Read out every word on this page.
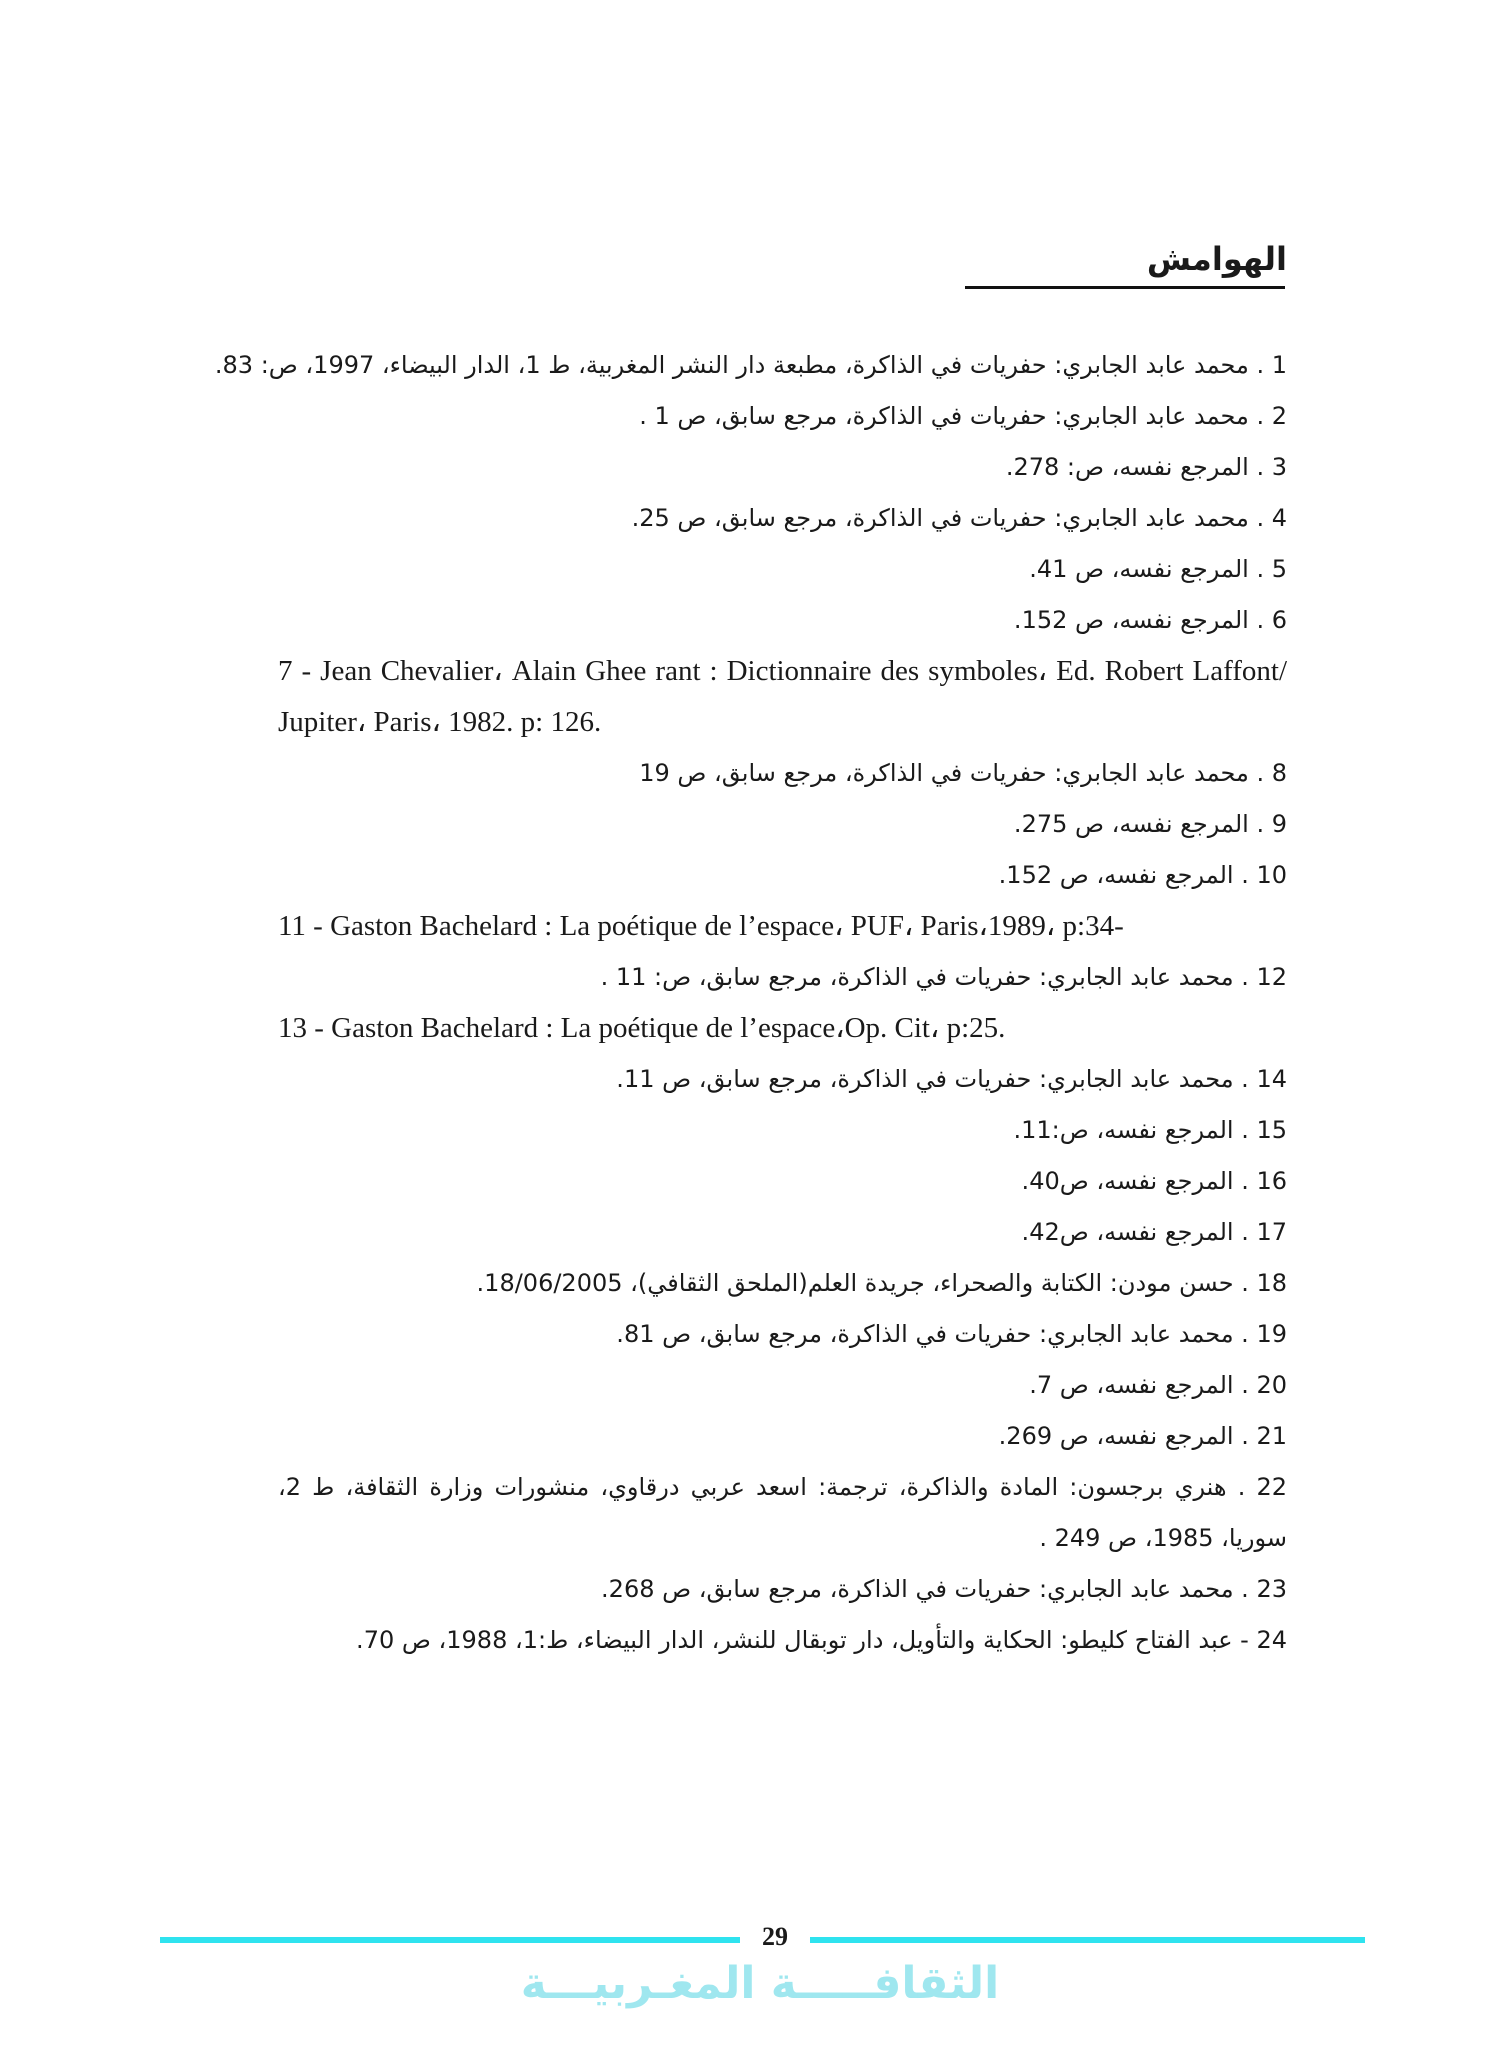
الهوامش
1 . محمد عابد الجابري: حفريات في الذاكرة، مطبعة دار النشر المغربية، ط 1، الدار البيضاء، 1997، ص: 83.
2 . محمد عابد الجابري: حفريات في الذاكرة، مرجع سابق، ص 1 .
3 . المرجع نفسه، ص: 278.
4 . محمد عابد الجابري: حفريات في الذاكرة، مرجع سابق، ص 25.
5 . المرجع نفسه، ص 41.
6 . المرجع نفسه، ص 152.
7 - Jean Chevalier، Alain Ghee rant : Dictionnaire des symboles، Ed. Robert Laffont/ Jupiter، Paris، 1982. p: 126.
8 . محمد عابد الجابري: حفريات في الذاكرة، مرجع سابق، ص 19
9 . المرجع نفسه، ص 275.
10 . المرجع نفسه، ص 152.
11 - Gaston Bachelard : La poétique de l’espace، PUF، Paris،1989، p:34-
12 . محمد عابد الجابري: حفريات في الذاكرة، مرجع سابق، ص: 11 .
13 - Gaston Bachelard : La poétique de l’espace،Op. Cit، p:25.
14 . محمد عابد الجابري: حفريات في الذاكرة، مرجع سابق، ص 11.
15 . المرجع نفسه، ص:11.
16 . المرجع نفسه، ص40.
17 . المرجع نفسه، ص42.
18 . حسن مودن: الكتابة والصحراء، جريدة العلم(الملحق الثقافي)، 18/06/2005.
19 . محمد عابد الجابري: حفريات في الذاكرة، مرجع سابق، ص 81.
20 . المرجع نفسه، ص 7.
21 . المرجع نفسه، ص 269.
22 . هنري برجسون: المادة والذاكرة، ترجمة: اسعد عربي درقاوي، منشورات وزارة الثقافة، ط 2، سوريا، 1985، ص 249 .
23 . محمد عابد الجابري: حفريات في الذاكرة، مرجع سابق، ص 268.
24 - عبد الفتاح كليطو: الحكاية والتأويل، دار توبقال للنشر، الدار البيضاء، ط:1، 1988، ص 70.
29
الثقافـــــة المغـربيـــة
